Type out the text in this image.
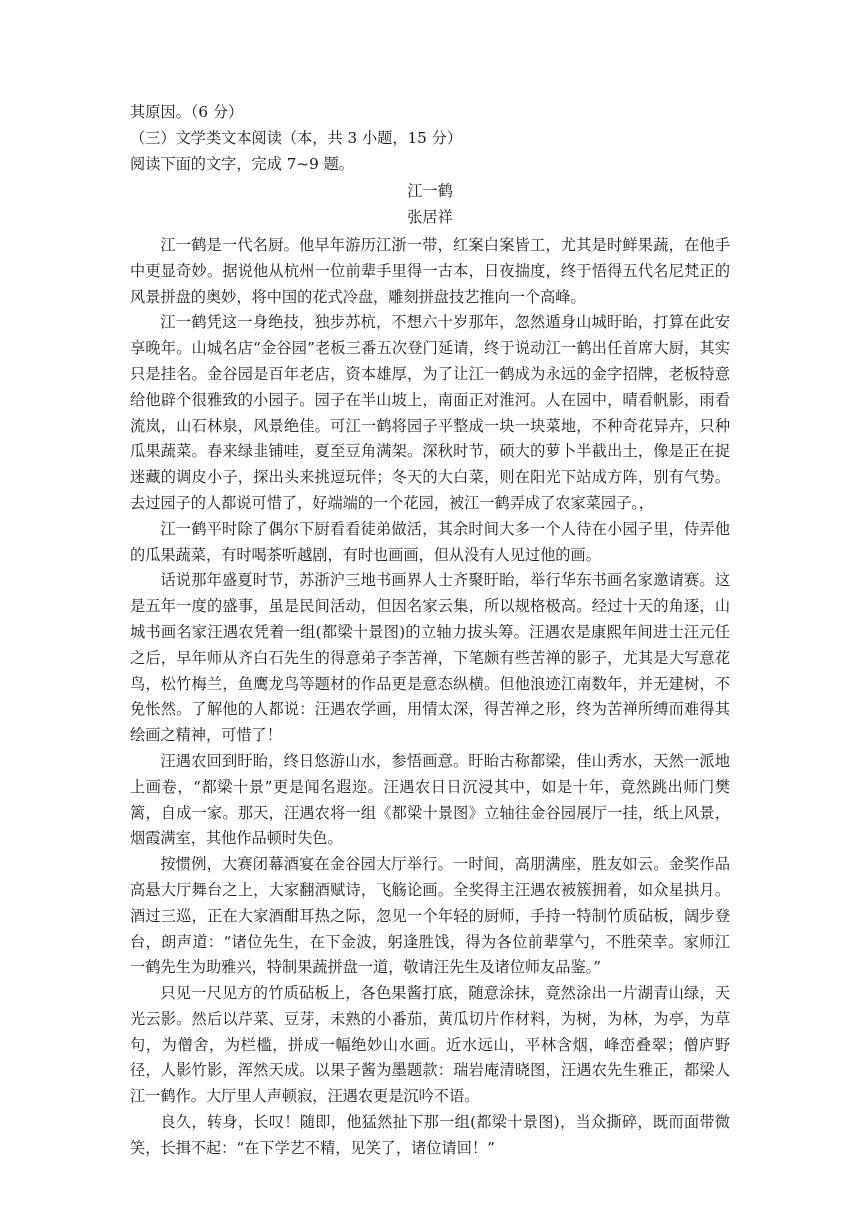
其原因。（6 分）

（三）文学类文本阅读（本，共 3 小题，15 分）

阅读下面的文字，完成 7~9 题。

江一鹤

张居祥

江一鹤是一代名厨。他早年游历江浙一带，红案白案皆工，尤其是时鲜果蔬，在他手中更显奇妙。据说他从杭州一位前辈手里得一古本，日夜揣度，终于悟得五代名尼梵正的风景拼盘的奥妙，将中国的花式冷盘，雕刻拼盘技艺推向一个高峰。

江一鹤凭这一身绝技，独步苏杭，不想六十岁那年，忽然遁身山城盱眙，打算在此安享晚年。山城名店“金谷园”老板三番五次登门延请，终于说动江一鹤出任首席大厨，其实只是挂名。金谷园是百年老店，资本雄厚，为了让江一鹤成为永远的金字招牌，老板特意给他辟个很雅致的小园子。园子在半山坡上，南面正对淮河。人在园中，晴看帆影，雨看流岚，山石林泉，风景绝佳。可江一鹤将园子平整成一块一块菜地，不种奇花异卉，只种瓜果蔬菜。春来绿韭铺哇，夏至豆角满架。深秋时节，硕大的萝卜半截出土，像是正在捉迷藏的调皮小子，探出头来挑逗玩伴；冬天的大白菜，则在阳光下站成方阵，别有气势。去过园子的人都说可惜了，好端端的一个花园，被江一鹤弄成了农家菜园子。，

江一鹤平时除了偶尔下厨看看徒弟做活，其余时间大多一个人待在小园子里，侍弄他的瓜果蔬菜，有时喝茶听越剧，有时也画画，但从没有人见过他的画。

话说那年盛夏时节，苏浙沪三地书画界人士齐聚盱眙，举行华东书画名家邀请赛。这是五年一度的盛事，虽是民间活动，但因名家云集，所以规格极高。经过十天的角逐，山城书画名家汪遇农凭着一组(都梁十景图)的立轴力拔头筹。汪遇农是康熙年间进士汪元任之后，早年师从齐白石先生的得意弟子李苦禅，下笔颇有些苦禅的影子，尤其是大写意花鸟，松竹梅兰，鱼鹰龙鸟等题材的作品更是意态纵横。但他浪迹江南数年，并无建树，不免怅然。了解他的人都说：汪遇农学画，用情太深，得苦禅之形，终为苦禅所缚而难得其绘画之精神，可惜了！

汪遇农回到盱眙，终日悠游山水，参悟画意。盱眙古称都梁，佳山秀水，天然一派地上画卷，“都梁十景”更是闻名遐迩。汪遇农日日沉浸其中，如是十年，竟然跳出师门樊篱，自成一家。那天，汪遇农将一组《都梁十景图》立轴往金谷园展厅一挂，纸上风景，烟霞满室，其他作品顿时失色。

按惯例，大赛闭幕酒宴在金谷园大厅举行。一时间，高朋满座，胜友如云。金奖作品高悬大厅舞台之上，大家翻酒赋诗，飞觞论画。全奖得主汪遇农被簇拥着，如众星拱月。酒过三巡，正在大家酒酣耳热之际，忽见一个年轻的厨师，手持一特制竹质砧板，阔步登台，朗声道：“诸位先生，在下金波，躬逢胜饯，得为各位前辈掌勺，不胜荣幸。家师江一鹤先生为助雅兴，特制果蔬拼盘一道，敬请汪先生及诸位师友品鉴。”

只见一尺见方的竹质砧板上，各色果酱打底，随意涂抹，竟然涂出一片湖青山绿，天光云影。然后以芹菜、豆芽，未熟的小番茄，黄瓜切片作材料，为树，为林，为亭，为草句，为僧舍，为栏槛，拼成一幅绝妙山水画。近水远山，平林含烟，峰峦叠翠；僧庐野径，人影竹影，浑然天成。以果子酱为墨题款：瑞岩庵清晓图，汪遇农先生雅正，都梁人江一鹤作。大厅里人声顿寂，汪遇农更是沉吟不语。

良久，转身，长叹！随即，他猛然扯下那一组(都梁十景图)，当众撕碎，既而面带微笑，长揖不起：“在下学艺不精，见笑了，诸位请回！”
